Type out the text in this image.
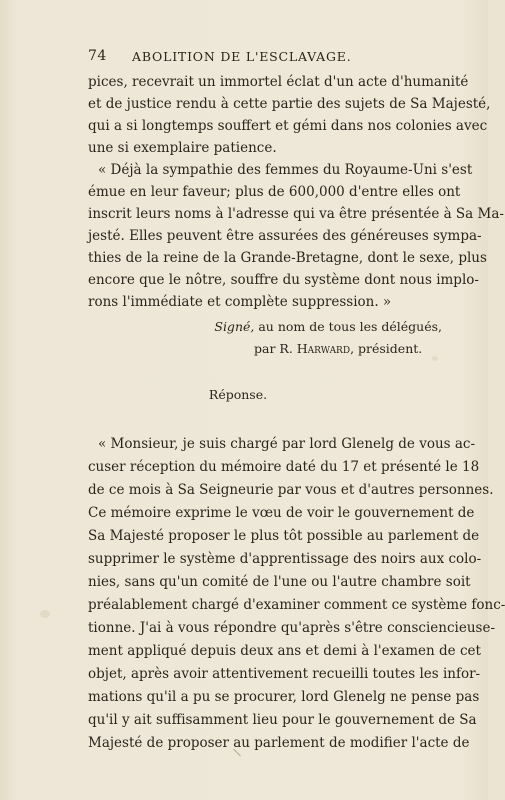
74 ABOLITION DE L'ESCLAVAGE.
pices, recevrait un immortel éclat d'un acte d'humanité
et de justice rendu à cette partie des sujets de Sa Majesté,
qui a si longtemps souffert et gémi dans nos colonies avec
une si exemplaire patience.
« Déjà la sympathie des femmes du Royaume-Uni s'est
émue en leur faveur; plus de 600,000 d'entre elles ont
inscrit leurs noms à l'adresse qui va être présentée à Sa Ma-
jesté. Elles peuvent être assurées des généreuses sympa-
thies de la reine de la Grande-Bretagne, dont le sexe, plus
encore que le nôtre, souffre du système dont nous implo-
rons l'immédiate et complète suppression. »
Signé, au nom de tous les délégués,
par R. Harward, président.
Réponse.
« Monsieur, je suis chargé par lord Glenelg de vous ac-
cuser réception du mémoire daté du 17 et présenté le 18
de ce mois à Sa Seigneurie par vous et d'autres personnes.
Ce mémoire exprime le vœu de voir le gouvernement de
Sa Majesté proposer le plus tôt possible au parlement de
supprimer le système d'apprentissage des noirs aux colo-
nies, sans qu'un comité de l'une ou l'autre chambre soit
préalablement chargé d'examiner comment ce système fonc-
tionne. J'ai à vous répondre qu'après s'être consciencieuse-
ment appliqué depuis deux ans et demi à l'examen de cet
objet, après avoir attentivement recueilli toutes les infor-
mations qu'il a pu se procurer, lord Glenelg ne pense pas
qu'il y ait suffisamment lieu pour le gouvernement de Sa
Majesté de proposer au parlement de modifier l'acte de
